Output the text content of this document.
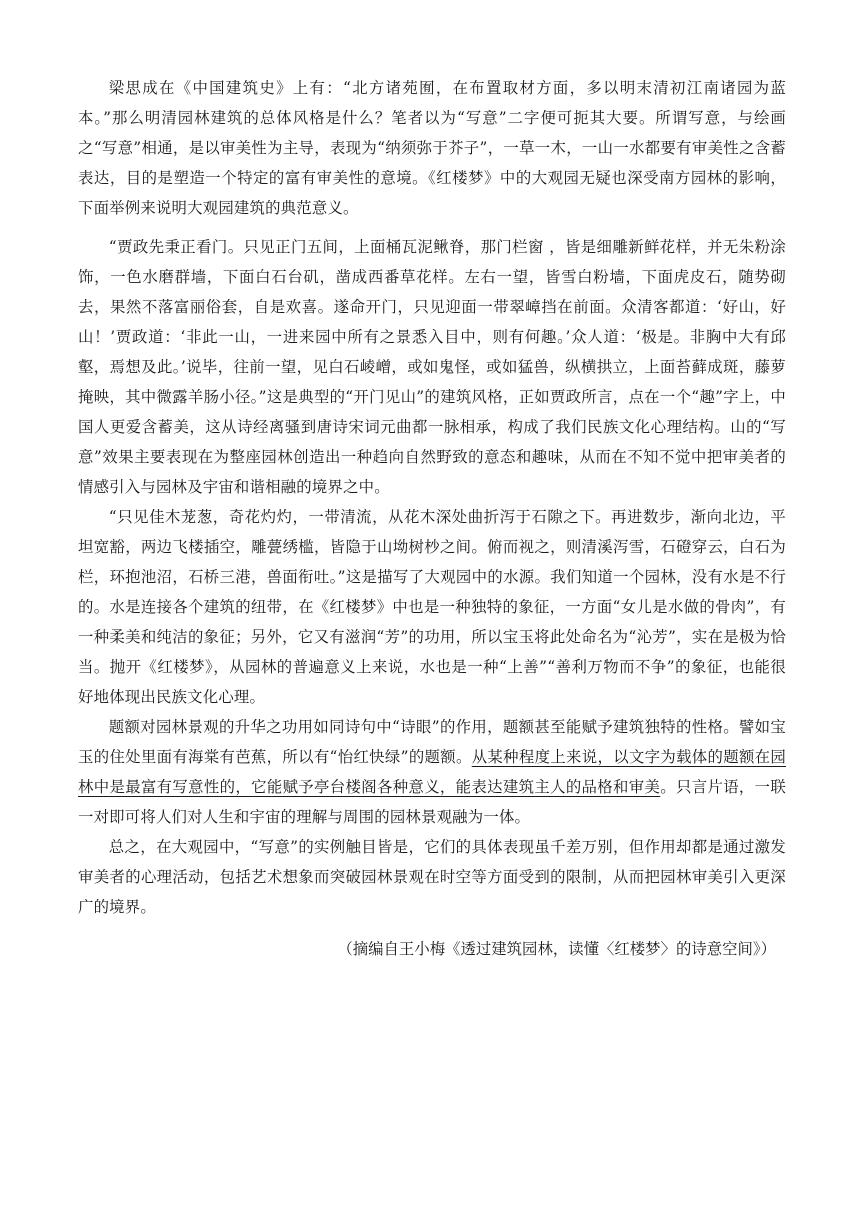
梁思成在《中国建筑史》上有：“北方诸苑囿，在布置取材方面，多以明末清初江南诸园为蓝本。”那么明清园林建筑的总体风格是什么？笔者以为“写意”二字便可扼其大要。所谓写意，与绘画之“写意”相通，是以审美性为主导，表现为“纳须弥于芥子”，一草一木，一山一水都要有审美性之含蓄表达，目的是塑造一个特定的富有审美性的意境。《红楼梦》中的大观园无疑也深受南方园林的影响，下面举例来说明大观园建筑的典范意义。

“贾政先秉正看门。只见正门五间，上面桶瓦泥鳅脊，那门栏窗 ，皆是细雕新鲜花样，并无朱粉涂饰，一色水磨群墙，下面白石台矶，凿成西番草花样。左右一望，皆雪白粉墙，下面虎皮石，随势砌去，果然不落富丽俗套，自是欢喜。遂命开门，只见迎面一带翠嶂挡在前面。众清客都道：‘好山，好山！’贾政道：‘非此一山，一进来园中所有之景悉入目中，则有何趣。’众人道：‘极是。非胸中大有邱壑，焉想及此。’说毕，往前一望，见白石崚嶒，或如鬼怪，或如猛兽，纵横拱立，上面苔藓成斑，藤萝掩映，其中微露羊肠小径。”这是典型的“开门见山”的建筑风格，正如贾政所言，点在一个“趣”字上，中国人更爱含蓄美，这从诗经离骚到唐诗宋词元曲都一脉相承，构成了我们民族文化心理结构。山的“写意”效果主要表现在为整座园林创造出一种趋向自然野致的意态和趣味，从而在不知不觉中把审美者的情感引入与园林及宇宙和谐相融的境界之中。

“只见佳木茏葱，奇花灼灼，一带清流，从花木深处曲折泻于石隙之下。再进数步，渐向北边，平坦宽豁，两边飞楼插空，雕甍绣槛，皆隐于山坳树杪之间。俯而视之，则清溪泻雪，石磴穿云，白石为栏，环抱池沼，石桥三港，兽面衔吐。”这是描写了大观园中的水源。我们知道一个园林，没有水是不行的。水是连接各个建筑的纽带，在《红楼梦》中也是一种独特的象征，一方面“女儿是水做的骨肉”，有一种柔美和纯洁的象征；另外，它又有滋润“芳”的功用，所以宝玉将此处命名为“沁芳”，实在是极为恰当。抛开《红楼梦》，从园林的普遍意义上来说，水也是一种“上善”“善利万物而不争”的象征，也能很好地体现出民族文化心理。

题额对园林景观的升华之功用如同诗句中“诗眼”的作用，题额甚至能赋予建筑独特的性格。譬如宝玉的住处里面有海棠有芭蕉，所以有“怡红快绿”的题额。从某种程度上来说，以文字为载体的题额在园林中是最富有写意性的，它能赋予亭台楼阁各种意义，能表达建筑主人的品格和审美。只言片语，一联一对即可将人们对人生和宇宙的理解与周围的园林景观融为一体。

总之，在大观园中，“写意”的实例触目皆是，它们的具体表现虽千差万别，但作用却都是通过激发审美者的心理活动，包括艺术想象而突破园林景观在时空等方面受到的限制，从而把园林审美引入更深广的境界。

（摘编自王小梅《透过建筑园林，读懂〈红楼梦〉的诗意空间》）
